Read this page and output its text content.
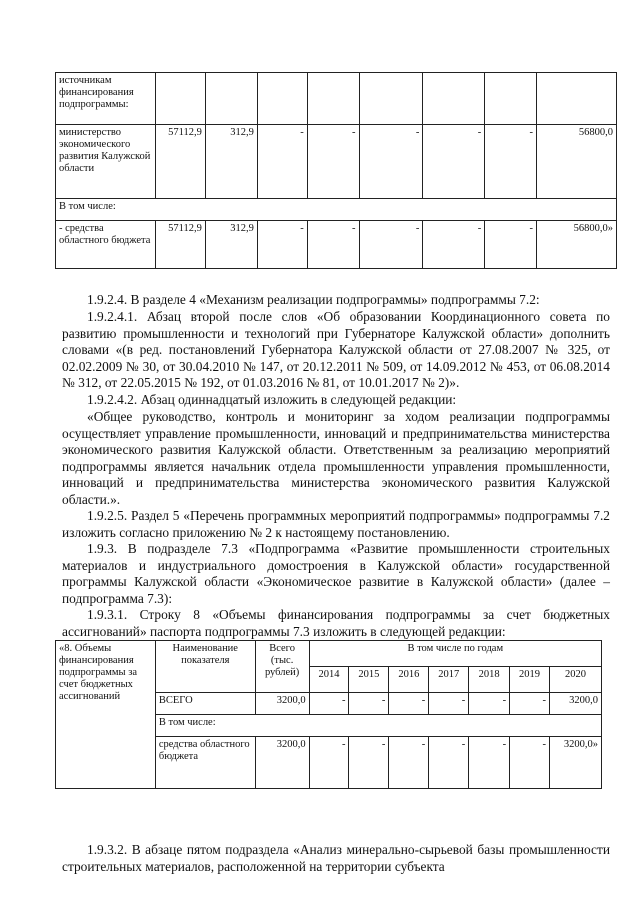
источникам финансирования подпрограммы:								
министерство экономического развития Калужской области	57112,9	312,9	-	-	-	-	-	56800,0
В том числе:								
- средства областного бюджета	57112,9	312,9	-	-	-	-	-	56800,0»

1.9.2.4. В разделе 4 «Механизм реализации подпрограммы» подпрограммы 7.2:

1.9.2.4.1. Абзац второй после слов «Об образовании Координационного совета по развитию промышленности и технологий при Губернаторе Калужской области» дополнить словами «(в ред. постановлений Губернатора Калужской области от 27.08.2007 № 325, от 02.02.2009 № 30, от 30.04.2010 № 147, от 20.12.2011 № 509, от 14.09.2012 № 453, от 06.08.2014 № 312, от 22.05.2015 № 192, от 01.03.2016 № 81, от 10.01.2017 № 2)».

1.9.2.4.2. Абзац одиннадцатый изложить в следующей редакции:

«Общее руководство, контроль и мониторинг за ходом реализации подпрограммы осуществляет управление промышленности, инноваций и предпринимательства министерства экономического развития Калужской области. Ответственным за реализацию мероприятий подпрограммы является начальник отдела промышленности управления промышленности, инноваций и предпринимательства министерства экономического развития Калужской области.».

1.9.2.5. Раздел 5 «Перечень программных мероприятий подпрограммы» подпрограммы 7.2 изложить согласно приложению № 2 к настоящему постановлению.

1.9.3. В подразделе 7.3 «Подпрограмма «Развитие промышленности строительных материалов и индустриального домостроения в Калужской области» государственной программы Калужской области «Экономическое развитие в Калужской области» (далее – подпрограмма 7.3):

1.9.3.1. Строку 8 «Объемы финансирования подпрограммы за счет бюджетных ассигнований» паспорта подпрограммы 7.3 изложить в следующей редакции:

«8. Объемы финансирования подпрограммы за счет бюджетных ассигнований	Наименование показателя	Всего (тыс. рублей)	В том числе по годам						
			2014	2015	2016	2017	2018	2019	2020
	ВСЕГО	3200,0	-	-	-	-	-	-	3200,0
	В том числе:								
	средства областного бюджета	3200,0	-	-	-	-	-	-	3200,0»

1.9.3.2. В абзаце пятом подраздела «Анализ минерально-сырьевой базы промышленности строительных материалов, расположенной на территории субъекта
